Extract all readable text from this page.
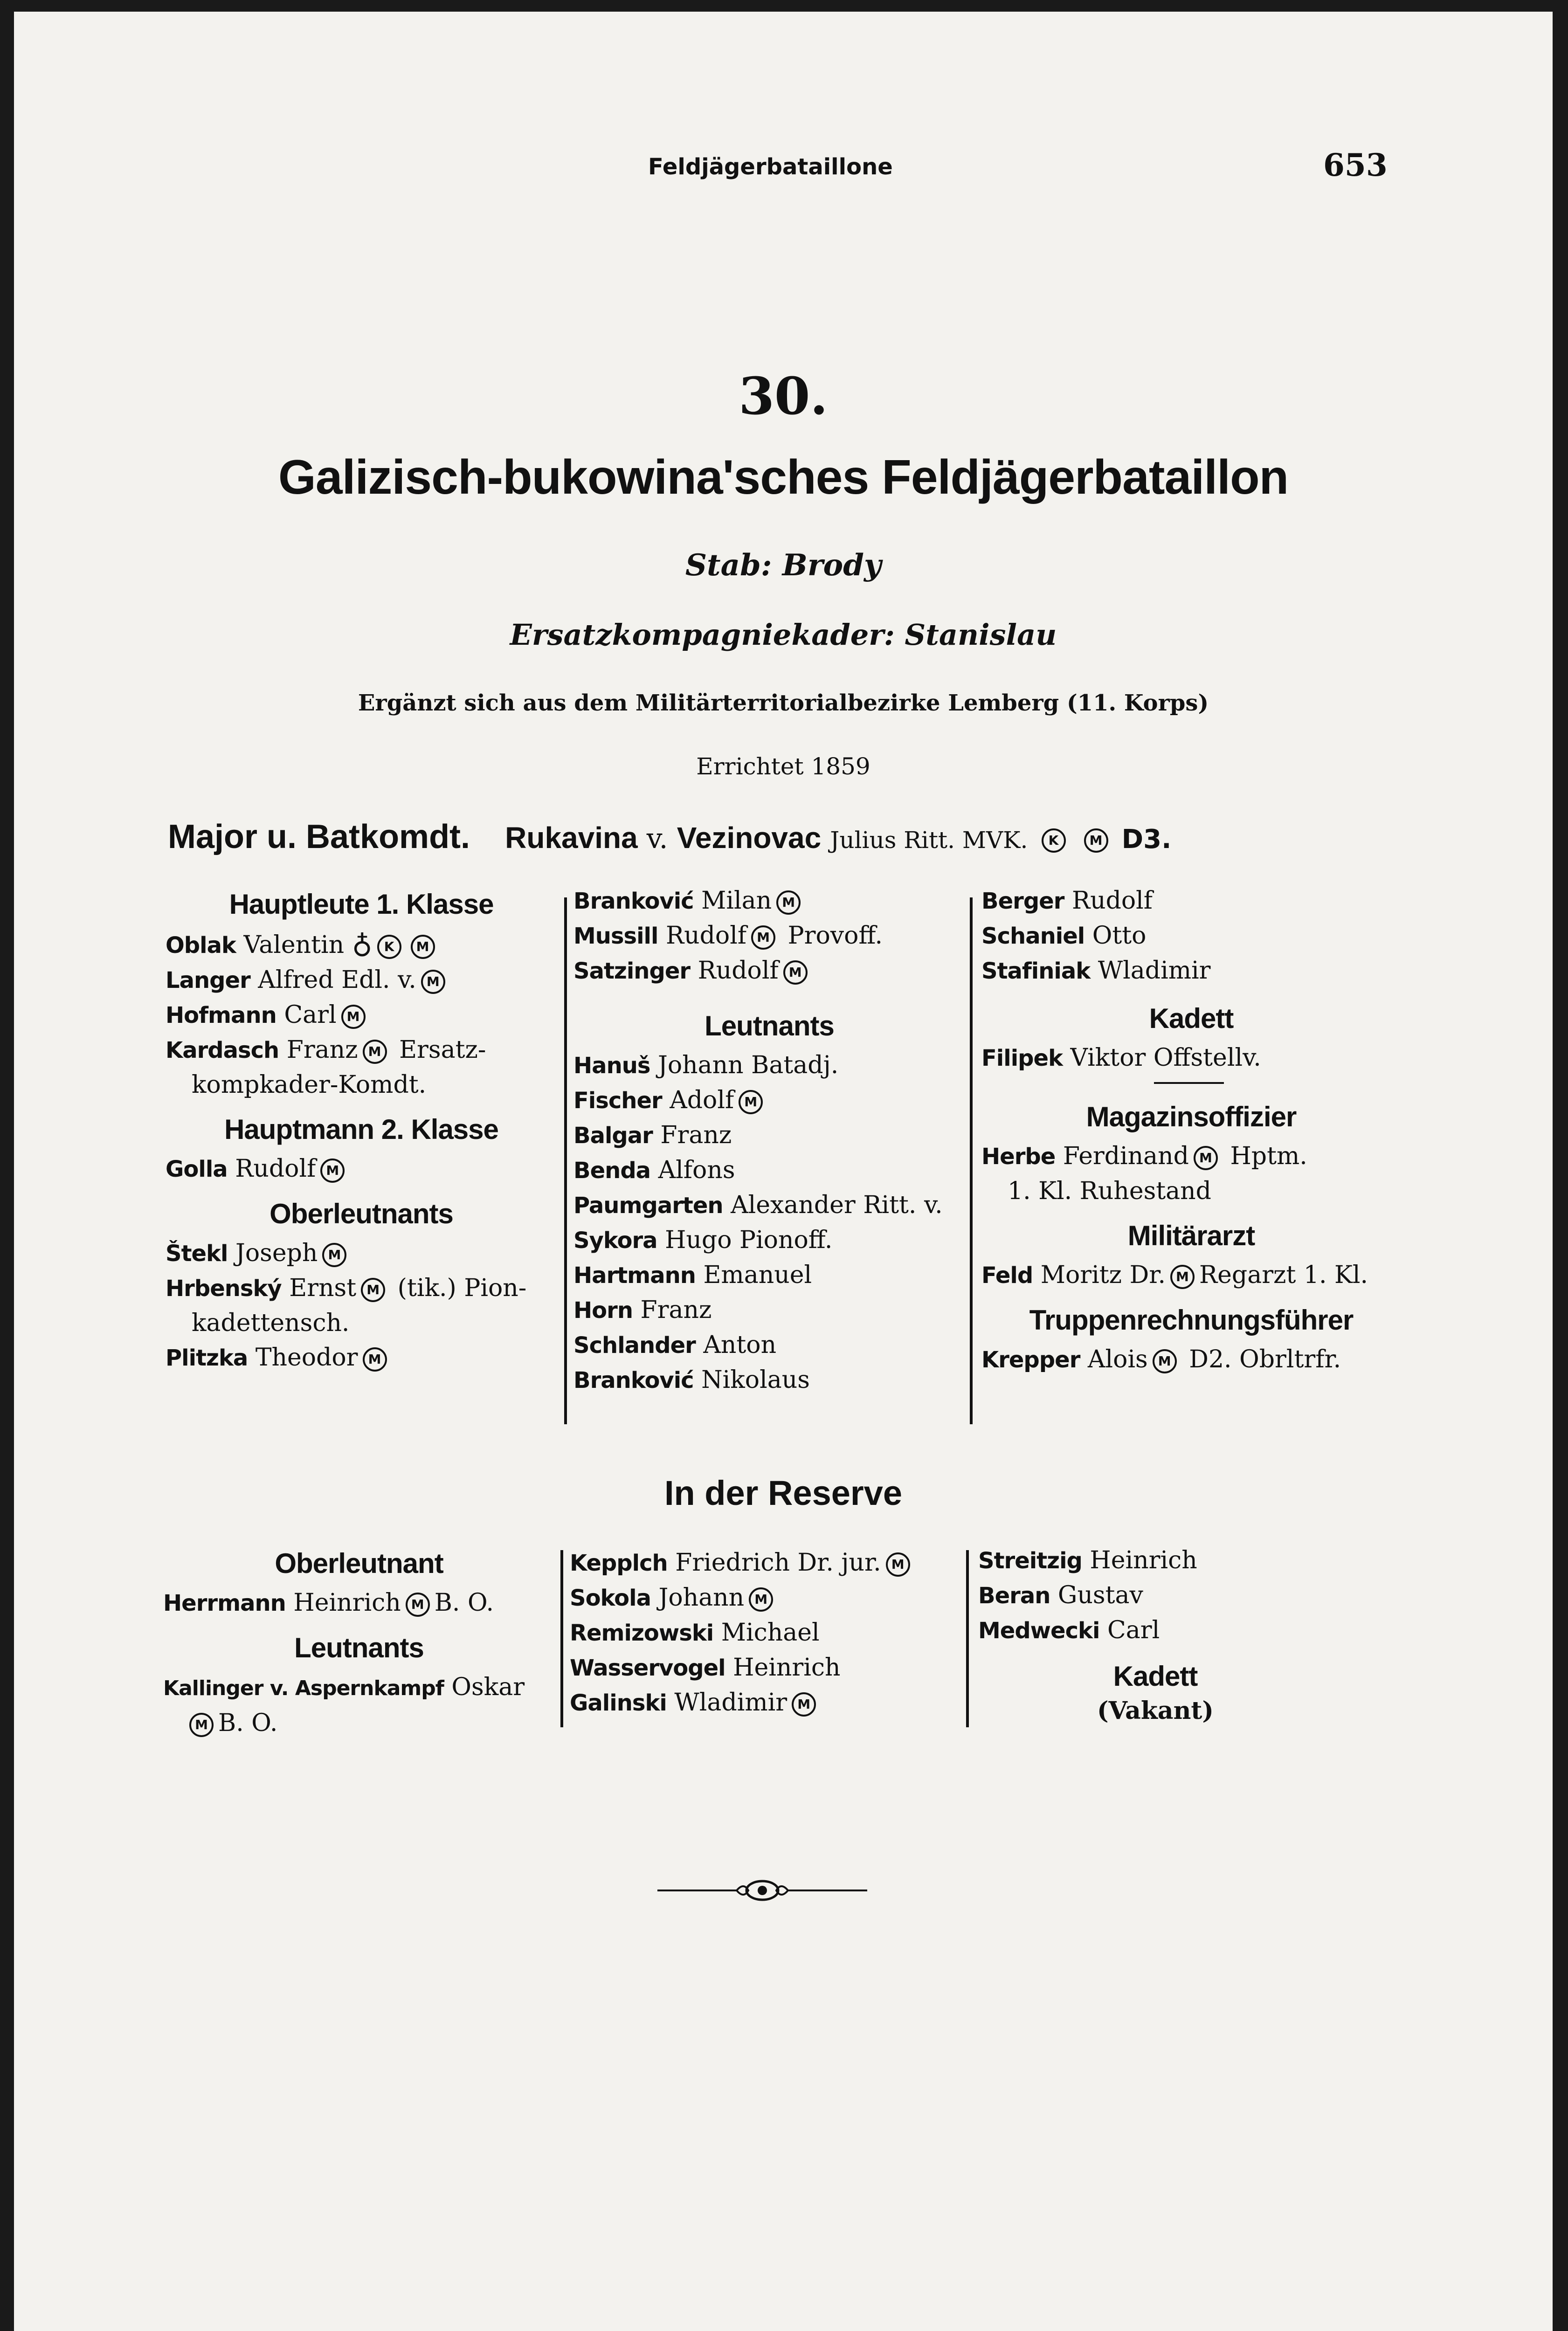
Feldjägerbataillone	653
30.
Galizisch-bukowina'sches Feldjägerbataillon
Stab: Brody
Ersatzkompagniekader: Stanislau
Ergänzt sich aus dem Militärterritorialbezirke Lemberg (11. Korps)
Errichtet 1859
Major u. Batkomdt. Rukavina v. Vezinovac Julius Ritt. MVK. K M D3.
Hauptleute 1. Klasse
Oblak Valentin ♁ K M
Langer Alfred Edl. v. M
Hofmann Carl M
Kardasch Franz M Ersatz-
kompkader-Komdt.
Hauptmann 2. Klasse
Golla Rudolf M
Oberleutnants
Štekl Joseph M
Hrbenský Ernst M (tik.) Pion-
kadettensch.
Plitzka Theodor M
Branković Milan M
Mussill Rudolf M Provoff.
Satzinger Rudolf M
Leutnants
Hanuš Johann Batadj.
Fischer Adolf M
Balgar Franz
Benda Alfons
Paumgarten Alexander Ritt. v.
Sykora Hugo Pionoff.
Hartmann Emanuel
Horn Franz
Schlander Anton
Branković Nikolaus
Berger Rudolf
Schaniel Otto
Stafiniak Wladimir
Kadett
Filipek Viktor Offstellv.
Magazinsoffizier
Herbe Ferdinand M Hptm.
1. Kl. Ruhestand
Militärarzt
Feld Moritz Dr. M Regarzt 1. Kl.
Truppenrechnungsführer
Krepper Alois M D2. Obrltrfr.
In der Reserve
Oberleutnant
Herrmann Heinrich M B. O.
Leutnants
Kallinger v. Aspernkampf Oskar
M B. O.
Kepplch Friedrich Dr. jur. M
Sokola Johann M
Remizowski Michael
Wasservogel Heinrich
Galinski Wladimir M
Streitzig Heinrich
Beran Gustav
Medwecki Carl
Kadett
(Vakant)
